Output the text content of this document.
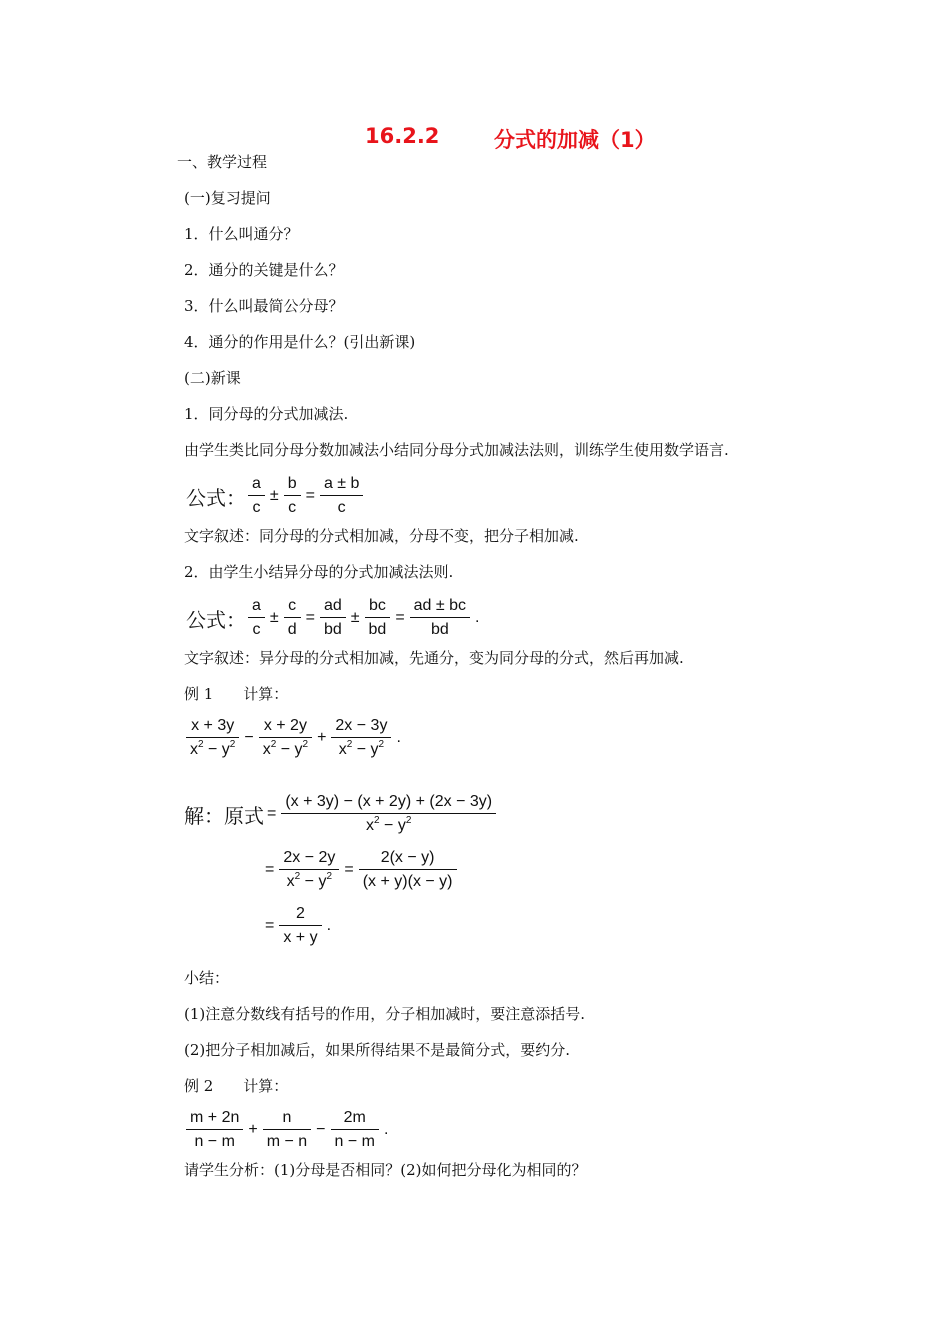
16.2.2	分式的加减（1）
一、教学过程
(一)复习提问
1．什么叫通分？
2．通分的关键是什么？
3．什么叫最简公分母？
4．通分的作用是什么？(引出新课)
(二)新课
1．同分母的分式加减法.
由学生类比同分母分数加减法小结同分母分式加减法法则，训练学生使用数学语言.
公式： $\frac{a}{c} \pm \frac{b}{c} = \frac{a \pm b}{c}$
文字叙述：同分母的分式相加减，分母不变，把分子相加减.
2．由学生小结异分母的分式加减法法则.
公式： $\frac{a}{c} \pm \frac{c}{d} = \frac{ad}{bd} \pm \frac{bc}{bd} = \frac{ad \pm bc}{bd}$ .
文字叙述：异分母的分式相加减，先通分，变为同分母的分式，然后再加减.
例 1　　计算：
$\frac{x + 3y}{x^2 - y^2} - \frac{x + 2y}{x^2 - y^2} + \frac{2x - 3y}{x^2 - y^2}$ .
解：原式 = $\frac{(x + 3y) - (x + 2y) + (2x - 3y)}{x^2 - y^2}$
= $\frac{2x - 2y}{x^2 - y^2} = \frac{2(x - y)}{(x + y)(x - y)}$
= $\frac{2}{x + y}$ .
小结：
(1)注意分数线有括号的作用，分子相加减时，要注意添括号.
(2)把分子相加减后，如果所得结果不是最简分式，要约分.
例 2　　计算：
$\frac{m + 2n}{n - m} + \frac{n}{m - n} - \frac{2m}{n - m}$ .
请学生分析：(1)分母是否相同？(2)如何把分母化为相同的？
